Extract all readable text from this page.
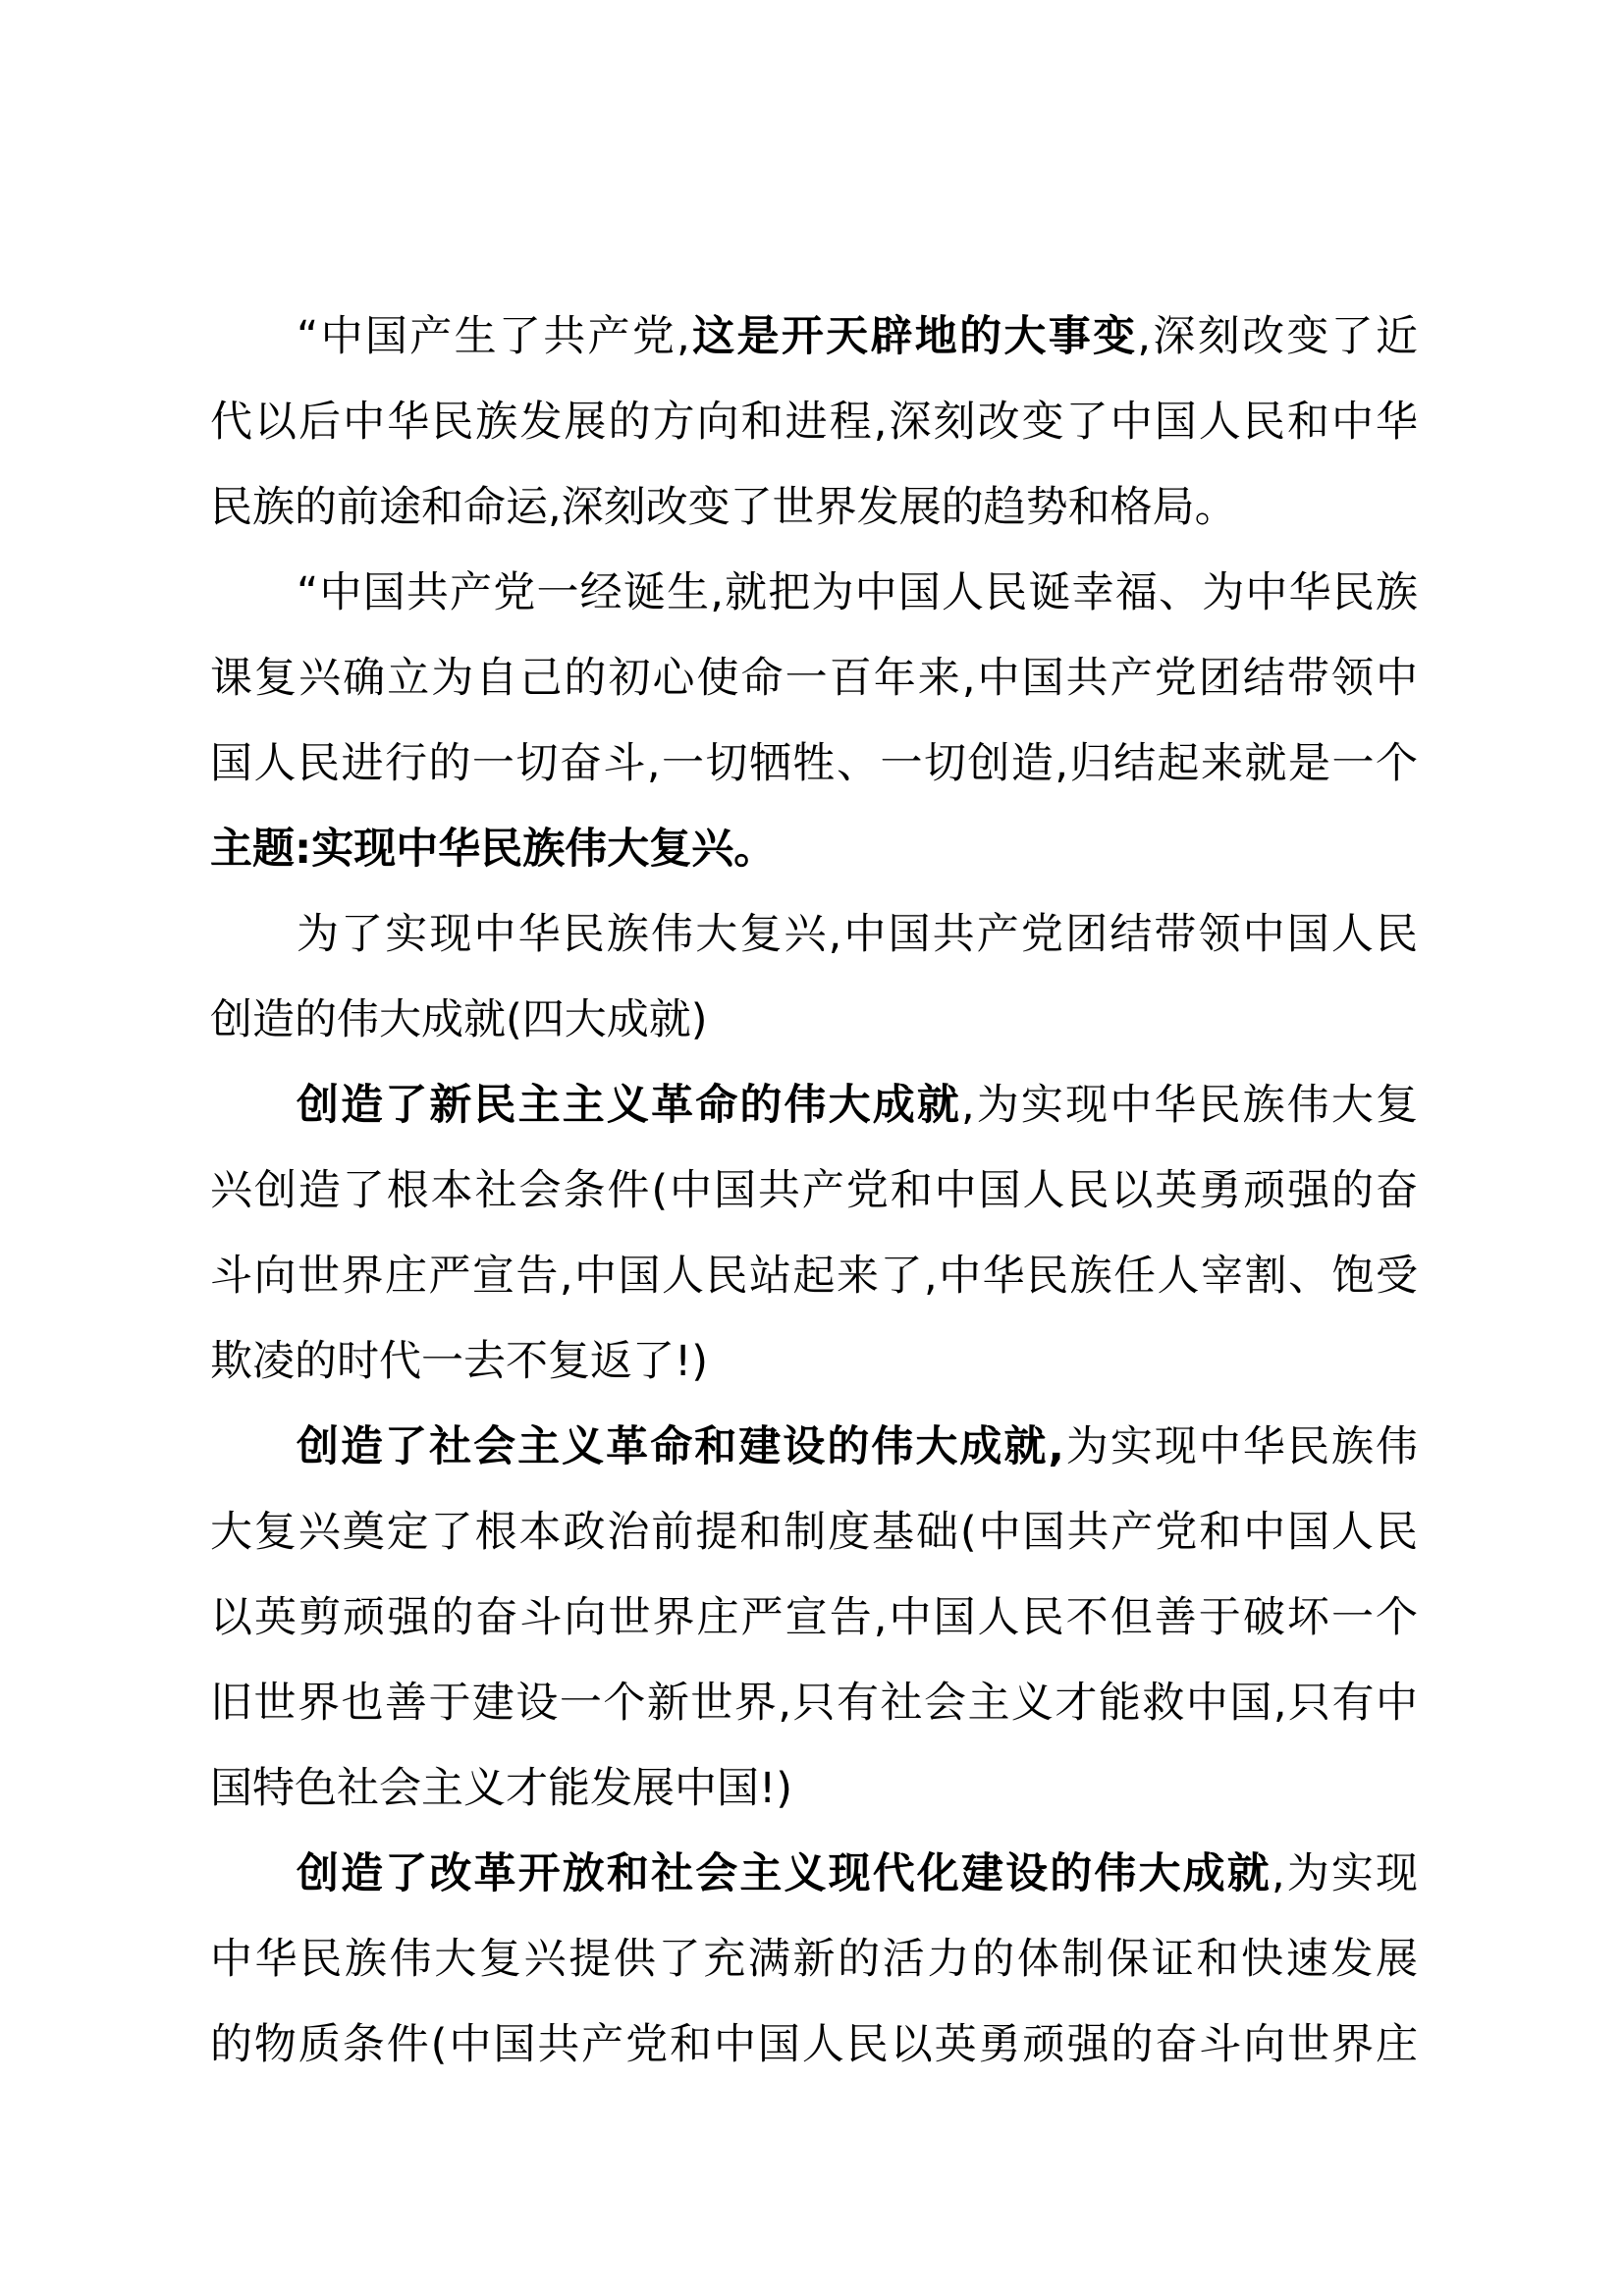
“中国产生了共产党,这是开天辟地的大事变,深刻改变了近
代以后中华民族发展的方向和进程,深刻改变了中国人民和中华
民族的前途和命运,深刻改变了世界发展的趋势和格局。

“中国共产党一经诞生,就把为中国人民诞幸福、为中华民族
课复兴确立为自己的初心使命一百年来,中国共产党团结带领中
国人民进行的一切奋斗,一切牺牲、一切创造,归结起来就是一个
主题:实现中华民族伟大复兴。

为了实现中华民族伟大复兴,中国共产党团结带领中国人民
创造的伟大成就(四大成就)

创造了新民主主义革命的伟大成就,为实现中华民族伟大复
兴创造了根本社会条件(中国共产党和中国人民以英勇顽强的奋
斗向世界庄严宣告,中国人民站起来了,中华民族任人宰割、饱受
欺凌的时代一去不复返了!)

创造了社会主义革命和建设的伟大成就,为实现中华民族伟
大复兴奠定了根本政治前提和制度基础(中国共产党和中国人民
以英剪顽强的奋斗向世界庄严宣告,中国人民不但善于破坏一个
旧世界也善于建设一个新世界,只有社会主义才能救中国,只有中
国特色社会主义才能发展中国!)

创造了改革开放和社会主义现代化建设的伟大成就,为实现
中华民族伟大复兴提供了充满新的活力的体制保证和快速发展
的物质条件(中国共产党和中国人民以英勇顽强的奋斗向世界庄
